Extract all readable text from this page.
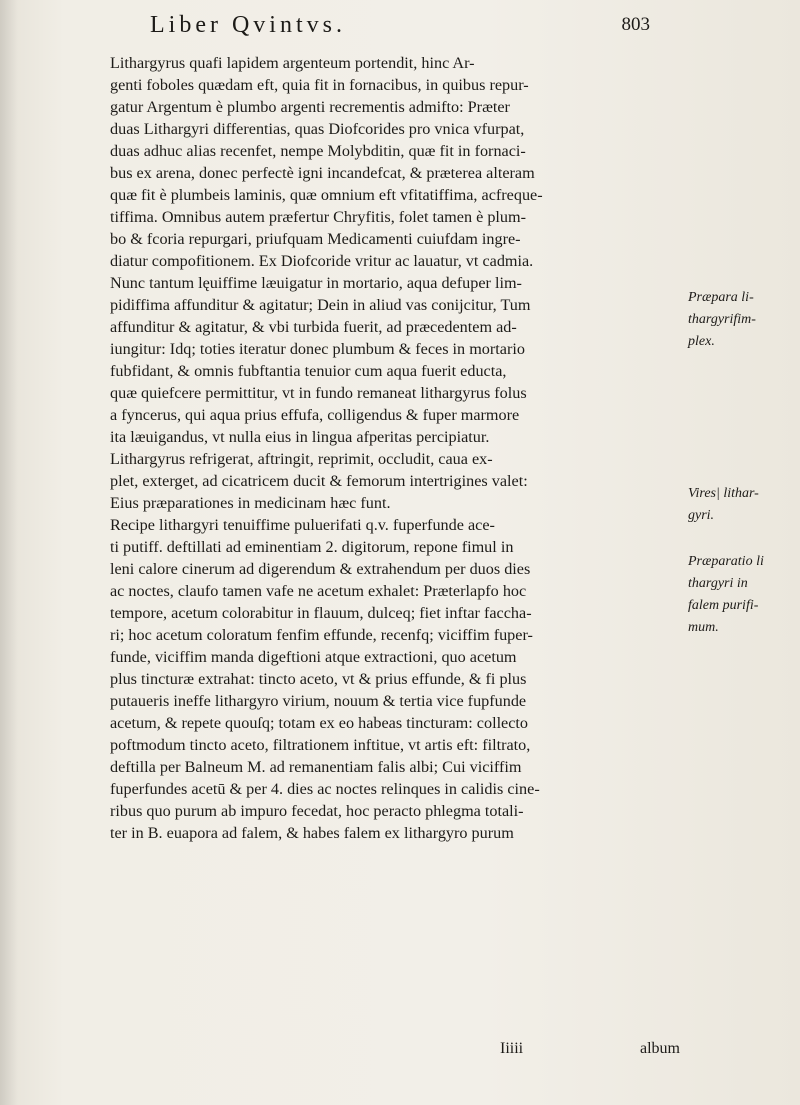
Liber Qvintvs.	803
Lithargyrus quafi lapidem argenteum portendit, hinc Ar-
genti foboles quædam eft, quia fit in fornacibus, in quibus repur-
gatur Argentum è plumbo argenti recrementis admifto: Præter
duas Lithargyri differentias, quas Diofcorides pro vnica vfurpat,
duas adhuc alias recenfet, nempe Molybditin, quæ fit in fornaci-
bus ex arena, donec perfectè igni incandefcat, & prætereа alteram
quæ fit è plumbeis laminis, quæ omnium eft vfitatiffima, acfreque-
tiffima. Omnibus autem præfertur Chryfitis, folet tamen è plum-
bo & fcoria repurgari, priufquam Medicamenti cuiufdam ingre-
diatur compofitionem. Ex Diofcoride vritur ac lauatur, vt cadmia.
Nunc tantum lęuiffime læuigatur in mortario, aqua defuper lim-
pidiffima affunditur & agitatur; Dein in aliud vas conijcitur, Tum
affunditur & agitatur, & vbi turbida fuerit, ad præcedentem ad-
iungitur: Idq; toties iteratur donec plumbum & feces in mortario
fubfidant, & omnis fubftantia tenuior cum aqua fuerit educta,
quæ quiefcere permittitur, vt in fundo remaneat lithargyrus folus
a fyncerus, qui aqua prius effufa, colligendus & fuper marmore
ita læuigandus, vt nulla eius in lingua afperitas percipiatur.
Lithargyrus refrigerat, aftringit, reprimit, occludit, caua ex-
plet, exterget, ad cicatricem ducit & femorum intertrigines valet:
Eius præparationes in medicinam hæc funt.
Recipe lithargyri tenuiffime puluerifati q.v. fuperfunde ace-
ti putiff. deftillati ad eminentiam 2. digitorum, repone fimul in
leni calore cinerum ad digerendum & extrahendum per duos dies
ac noctes, claufo tamen vafe ne acetum exhalet: Præterlapfo hoc
tempore, acetum colorabitur in flauum, dulceq; fiet inftar faccha-
ri; hoc acetum coloratum fenfim effunde, recenfq; viciffim fuper-
funde, viciffim manda digeftioni atque extractioni, quo acetum
plus tincturæ extrahat: tincto aceto, vt & prius effunde, & fi plus
putaueris ineffe lithargyro virium, nouum & tertia vice fupfunde
acetum, & repete quouſq; totam ex eo habeas tincturam: collecto
poftmodum tincto aceto, filtrationem inftitue, vt artis eft: filtrato,
deftilla per Balneum M. ad remanentiam falis albi; Cui viciffim
fuperfundes acetū & per 4. dies ac noctes relinques in calidis cine-
ribus quo purum ab impuro fecedat, hoc peracto phlegma totali-
ter in B. euapora ad falem, & habes falem ex lithargyro purum
Præpara li-
thargyrifim-
plex.
Vires| lithar-
gyri.
Præparatio li
thargyri in
falem purifi-
mum.
Iiiii	album
